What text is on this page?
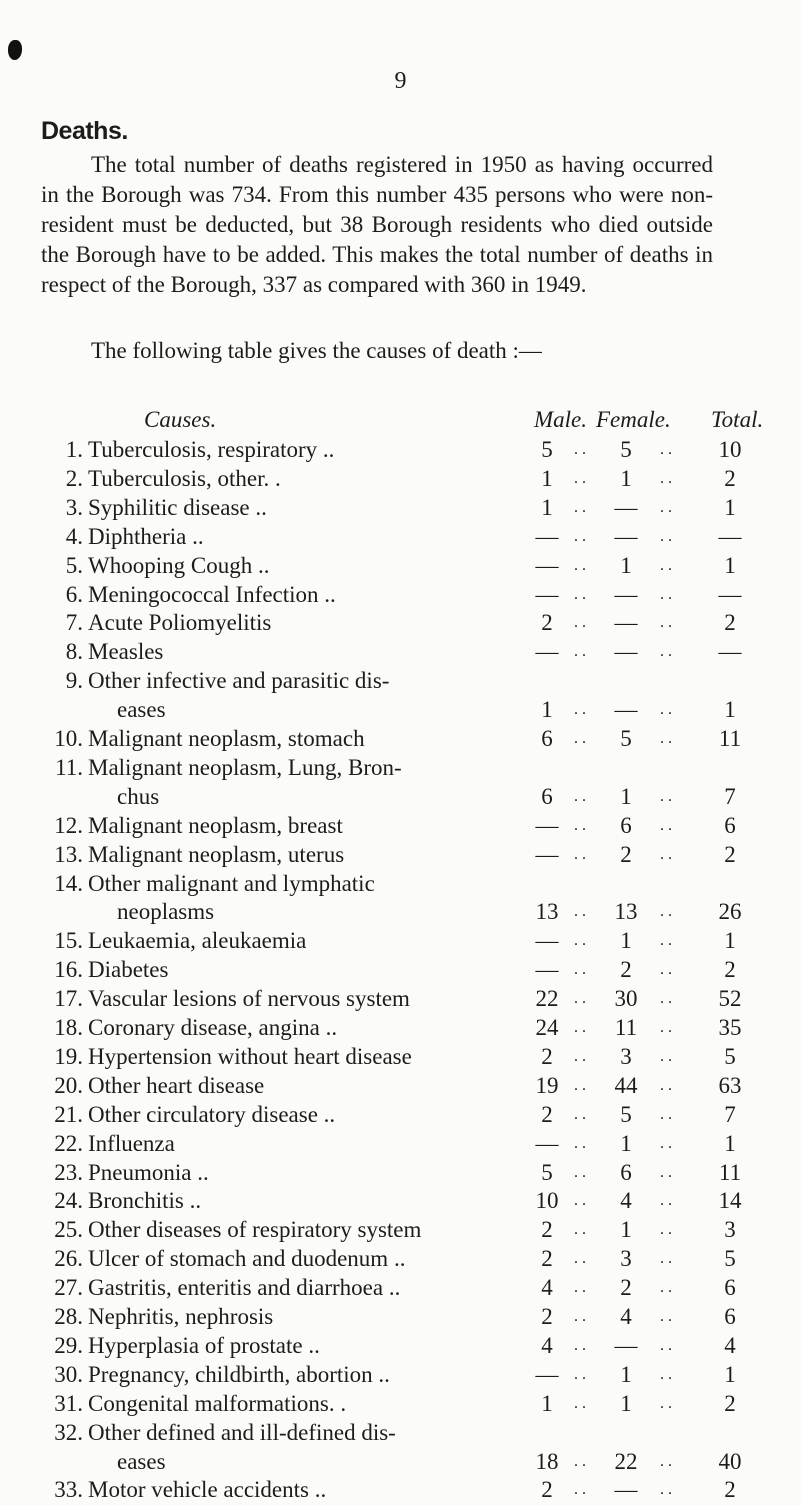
9
Deaths.

The total number of deaths registered in 1950 as having occurred in the Borough was 734. From this number 435 persons who were non-resident must be deducted, but 38 Borough residents who died outside the Borough have to be added. This makes the total number of deaths in respect of the Borough, 337 as compared with 360 in 1949.

The following table gives the causes of death :—

Causes.	Male. Female. Total.
1. Tuberculosis, respiratory ..	5	. .	5	. .	10
2. Tuberculosis, other. .	1	. .	1	. .	2
3. Syphilitic disease ..	1	. .	—	. .	1
4. Diphtheria ..	— . .	—	. .	—
5. Whooping Cough ..	— . .	1	. .	1
6. Meningococcal Infection ..	— . .	—	. .	—
7. Acute Poliomyelitis	2	. .	—	. .	2
8. Measles	— . .	—	. .	—
9. Other infective and parasitic dis-
eases	1	. .	—	. .	1
10. Malignant neoplasm, stomach	6	. .	5	. .	11
11. Malignant neoplasm, Lung, Bron-
chus	6	. .	1	. .	7
12. Malignant neoplasm, breast	— . .	6	. .	6
13. Malignant neoplasm, uterus	— . .	2	. .	2
14. Other malignant and lymphatic
neoplasms	13 . .	13	. .	26
15. Leukaemia, aleukaemia	— . .	1	. .	1
16. Diabetes	— . .	2	. .	2
17. Vascular lesions of nervous system	22 . .	30	. .	52
18. Coronary disease, angina ..	24 . .	11	. .	35
19. Hypertension without heart disease	2	. .	3	. .	5
20. Other heart disease	19 . .	44	. .	63
21. Other circulatory disease ..	2	. .	5	. .	7
22. Influenza	— . .	1	. .	1
23. Pneumonia ..	5	. .	6	. .	11
24. Bronchitis ..	10 . .	4	. .	14
25. Other diseases of respiratory system	2	. .	1	. .	3
26. Ulcer of stomach and duodenum ..	2	. .	3	. .	5
27. Gastritis, enteritis and diarrhoea ..	4	. .	2	. .	6
28. Nephritis, nephrosis	2	. .	4	. .	6
29. Hyperplasia of prostate ..	4	. .	—	. .	4
30. Pregnancy, childbirth, abortion ..	— . .	1	. .	1
31. Congenital malformations. .	1	. .	1	. .	2
32. Other defined and ill-defined dis-
eases	18 . .	22	. .	40
33. Motor vehicle accidents ..	2	. .	—	. .	2
